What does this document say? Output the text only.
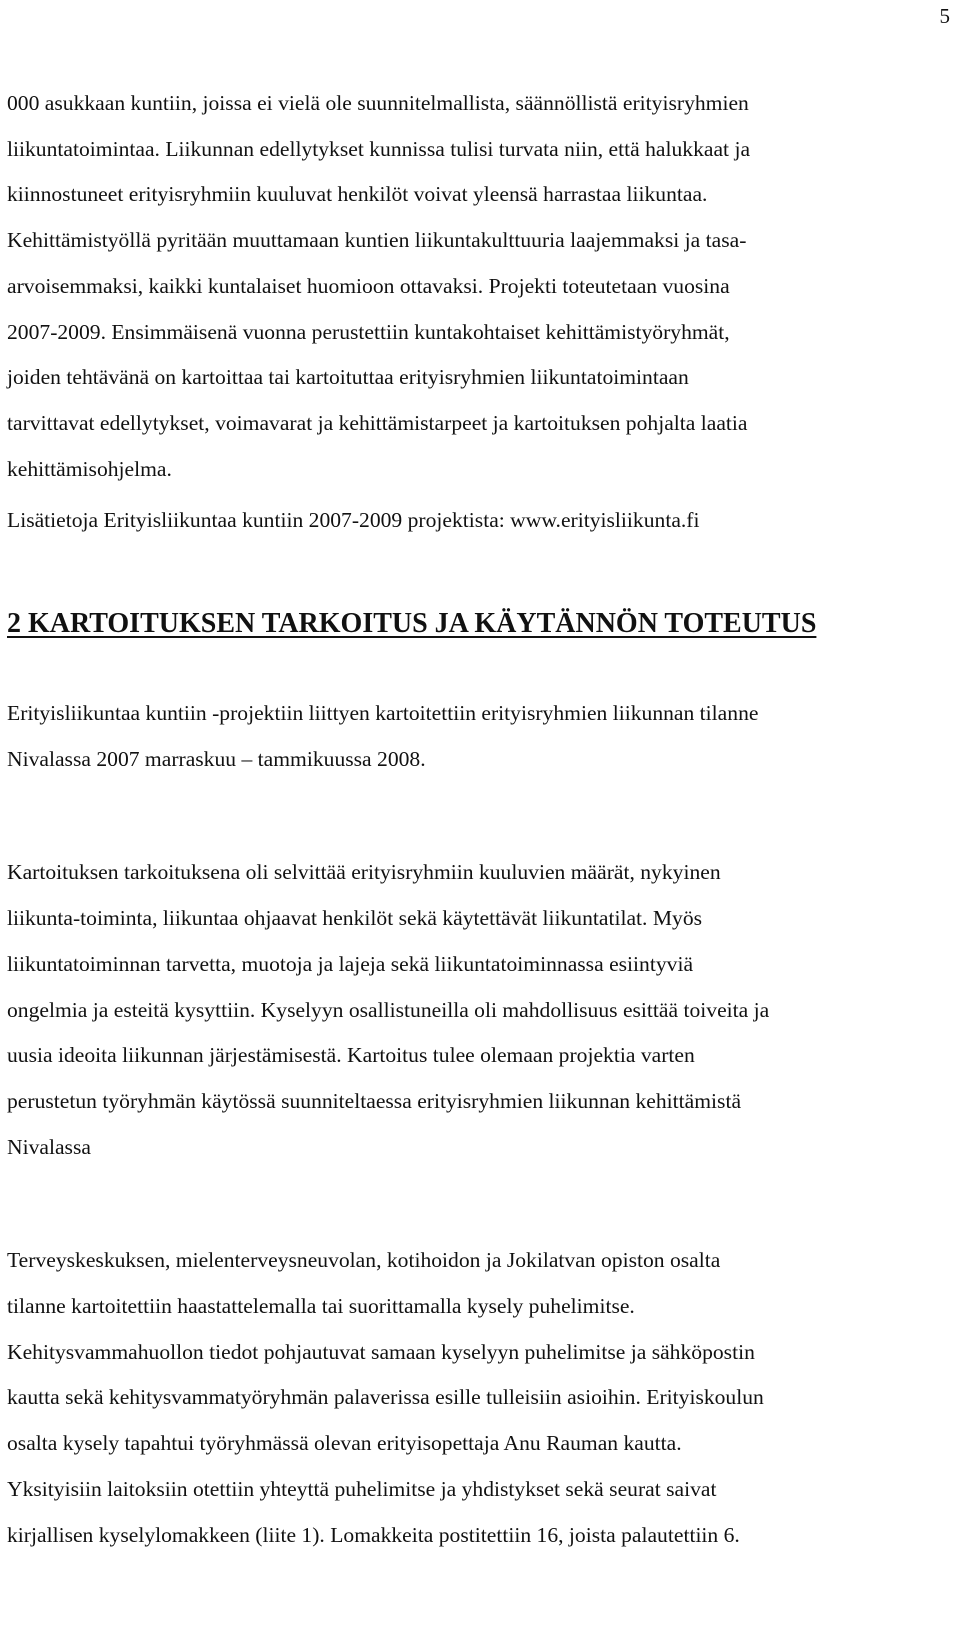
5

000 asukkaan kuntiin, joissa ei vielä ole suunnitelmallista, säännöllistä erityisryhmien
liikuntatoimintaa. Liikunnan edellytykset kunnissa tulisi turvata niin, että halukkaat ja
kiinnostuneet erityisryhmiin kuuluvat henkilöt voivat yleensä harrastaa liikuntaa.
Kehittämistyöllä pyritään muuttamaan kuntien liikuntakulttuuria laajemmaksi ja tasa-
arvoisemmaksi, kaikki kuntalaiset huomioon ottavaksi. Projekti toteutetaan vuosina
2007-2009. Ensimmäisenä vuonna perustettiin kuntakohtaiset kehittämistyöryhmät,
joiden tehtävänä on kartoittaa tai kartoituttaa erityisryhmien liikuntatoimintaan
tarvittavat edellytykset, voimavarat ja kehittämistarpeet ja kartoituksen pohjalta laatia
kehittämisohjelma.

Lisätietoja Erityisliikuntaa kuntiin 2007-2009 projektista: www.erityisliikunta.fi

2 KARTOITUKSEN TARKOITUS JA KÄYTÄNNÖN TOTEUTUS

Erityisliikuntaa kuntiin -projektiin liittyen kartoitettiin erityisryhmien liikunnan tilanne
Nivalassa 2007 marraskuu – tammikuussa 2008.

Kartoituksen tarkoituksena oli selvittää erityisryhmiin kuuluvien määrät, nykyinen
liikunta-toiminta, liikuntaa ohjaavat henkilöt sekä käytettävät liikuntatilat. Myös
liikuntatoiminnan tarvetta, muotoja ja lajeja sekä liikuntatoiminnassa esiintyviä
ongelmia ja esteitä kysyttiin. Kyselyyn osallistuneilla oli mahdollisuus esittää toiveita ja
uusia ideoita liikunnan järjestämisestä. Kartoitus tulee olemaan projektia varten
perustetun työryhmän käytössä suunniteltaessa erityisryhmien liikunnan kehittämistä
Nivalassa

Terveyskeskuksen, mielenterveysneuvolan, kotihoidon ja Jokilatvan opiston osalta
tilanne kartoitettiin haastattelemalla tai suorittamalla kysely puhelimitse.
Kehitysvammahuollon tiedot pohjautuvat samaan kyselyyn puhelimitse ja sähköpostin
kautta sekä kehitysvammatyöryhmän palaverissa esille tulleisiin asioihin. Erityiskoulun
osalta kysely tapahtui työryhmässä olevan erityisopettaja Anu Rauman kautta.
Yksityisiin laitoksiin otettiin yhteyttä puhelimitse ja yhdistykset sekä seurat saivat
kirjallisen kyselylomakkeen (liite 1). Lomakkeita postitettiin 16, joista palautettiin 6.
